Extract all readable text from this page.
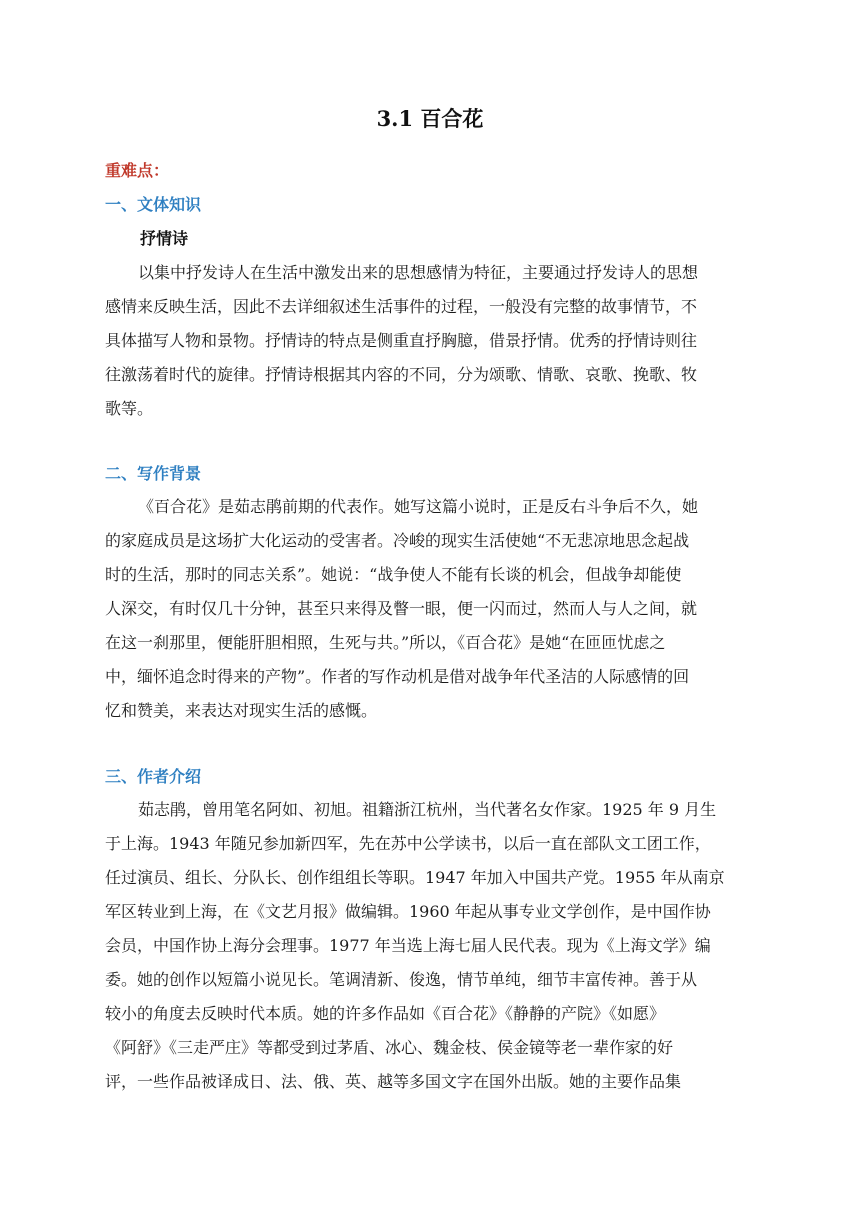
3.1 百合花
重难点：
一、文体知识
抒情诗
以集中抒发诗人在生活中激发出来的思想感情为特征，主要通过抒发诗人的思想
感情来反映生活，因此不去详细叙述生活事件的过程，一般没有完整的故事情节，不
具体描写人物和景物。抒情诗的特点是侧重直抒胸臆，借景抒情。优秀的抒情诗则往
往激荡着时代的旋律。抒情诗根据其内容的不同，分为颂歌、情歌、哀歌、挽歌、牧
歌等。
二、写作背景
《百合花》是茹志鹃前期的代表作。她写这篇小说时，正是反右斗争后不久，她
的家庭成员是这场扩大化运动的受害者。冷峻的现实生活使她“不无悲凉地思念起战
时的生活，那时的同志关系”。她说：“战争使人不能有长谈的机会，但战争却能使
人深交，有时仅几十分钟，甚至只来得及瞥一眼，便一闪而过，然而人与人之间，就
在这一刹那里，便能肝胆相照，生死与共。”所以，《百合花》是她“在匝匝忧虑之
中，缅怀追念时得来的产物”。作者的写作动机是借对战争年代圣洁的人际感情的回
忆和赞美，来表达对现实生活的感慨。
三、作者介绍
茹志鹃，曾用笔名阿如、初旭。祖籍浙江杭州，当代著名女作家。1925 年 9 月生
于上海。1943 年随兄参加新四军，先在苏中公学读书，以后一直在部队文工团工作，
任过演员、组长、分队长、创作组组长等职。1947 年加入中国共产党。1955 年从南京
军区转业到上海，在《文艺月报》做编辑。1960 年起从事专业文学创作，是中国作协
会员，中国作协上海分会理事。1977 年当选上海七届人民代表。现为《上海文学》编
委。她的创作以短篇小说见长。笔调清新、俊逸，情节单纯，细节丰富传神。善于从
较小的角度去反映时代本质。她的许多作品如《百合花》《静静的产院》《如愿》
《阿舒》《三走严庄》等都受到过茅盾、冰心、魏金枝、侯金镜等老一辈作家的好
评，一些作品被译成日、法、俄、英、越等多国文字在国外出版。她的主要作品集
